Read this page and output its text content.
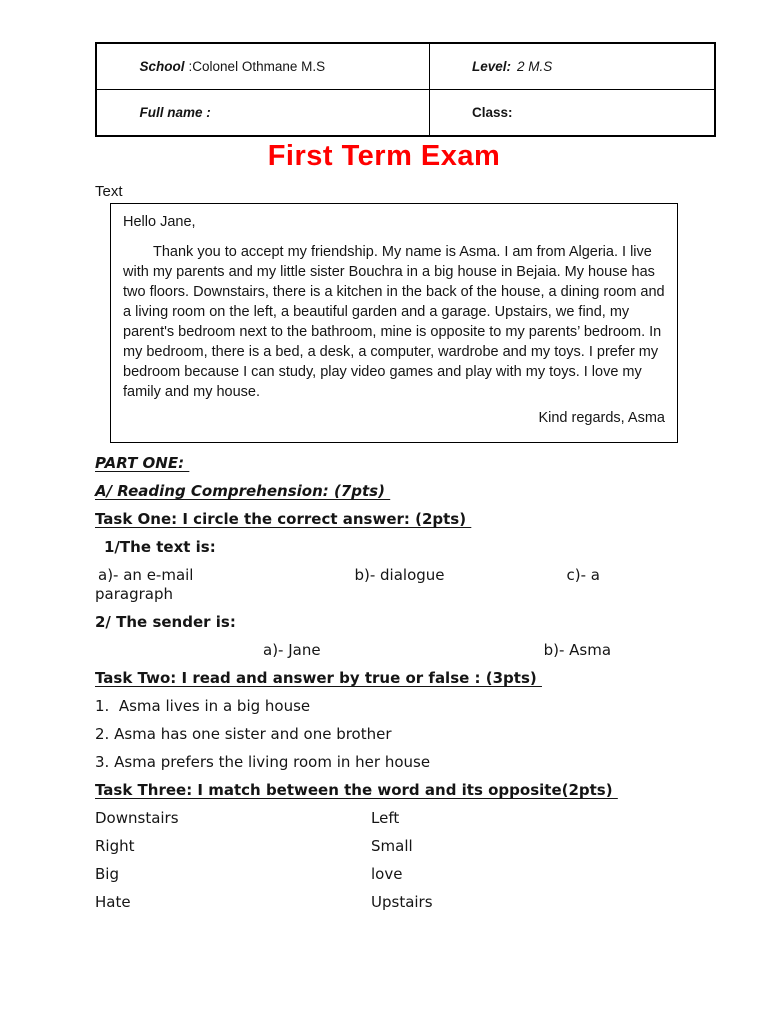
School :Colonel Othmane M.S	Level: 2 M.S

Full name :	Class:

First Term Exam
Text

Hello Jane,

Thank you to accept my friendship. My name is Asma. I am from Algeria. I live with my parents and my little sister Bouchra in a big house in Bejaia. My house has two floors. Downstairs, there is a kitchen in the back of the house, a dining room and a living room on the left, a beautiful garden and a garage. Upstairs, we find, my parent's bedroom next to the bathroom, mine is opposite to my parents’ bedroom. In my bedroom, there is a bed, a desk, a computer, wardrobe and my toys. I prefer my bedroom because I can study, play video games and play with my toys. I love my family and my house.

Kind regards, Asma

PART ONE:

A/ Reading Comprehension: (7pts)

Task One: I circle the correct answer: (2pts)

1/The text is:

a)- an e-mail	b)- dialogue	c)- a paragraph

2/ The sender is:

a)- Jane	b)- Asma

Task Two: I read and answer by true or false : (3pts)

1.  Asma lives in a big house

2. Asma has one sister and one brother

3. Asma prefers the living room in her house

Task Three: I match between the word and its opposite(2pts)

Downstairs	Left
Right	Small
Big	love
Hate	Upstairs
